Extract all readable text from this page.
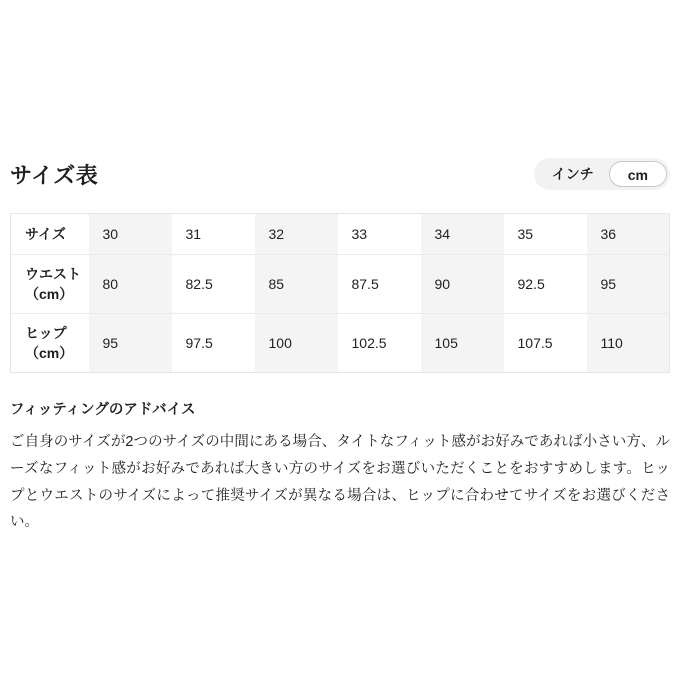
サイズ表	インチ	cm
サイズ	30	31	32	33	34	35	36
ウエスト（cm）	80	82.5	85	87.5	90	92.5	95
ヒップ（cm）	95	97.5	100	102.5	105	107.5	110
フィッティングのアドバイス

ご自身のサイズが2つのサイズの中間にある場合、タイトなフィット感がお好みであれば小さい方、ルーズなフィット感がお好みであれば大きい方のサイズをお選びいただくことをおすすめします。ヒップとウエストのサイズによって推奨サイズが異なる場合は、ヒップに合わせてサイズをお選びください。
